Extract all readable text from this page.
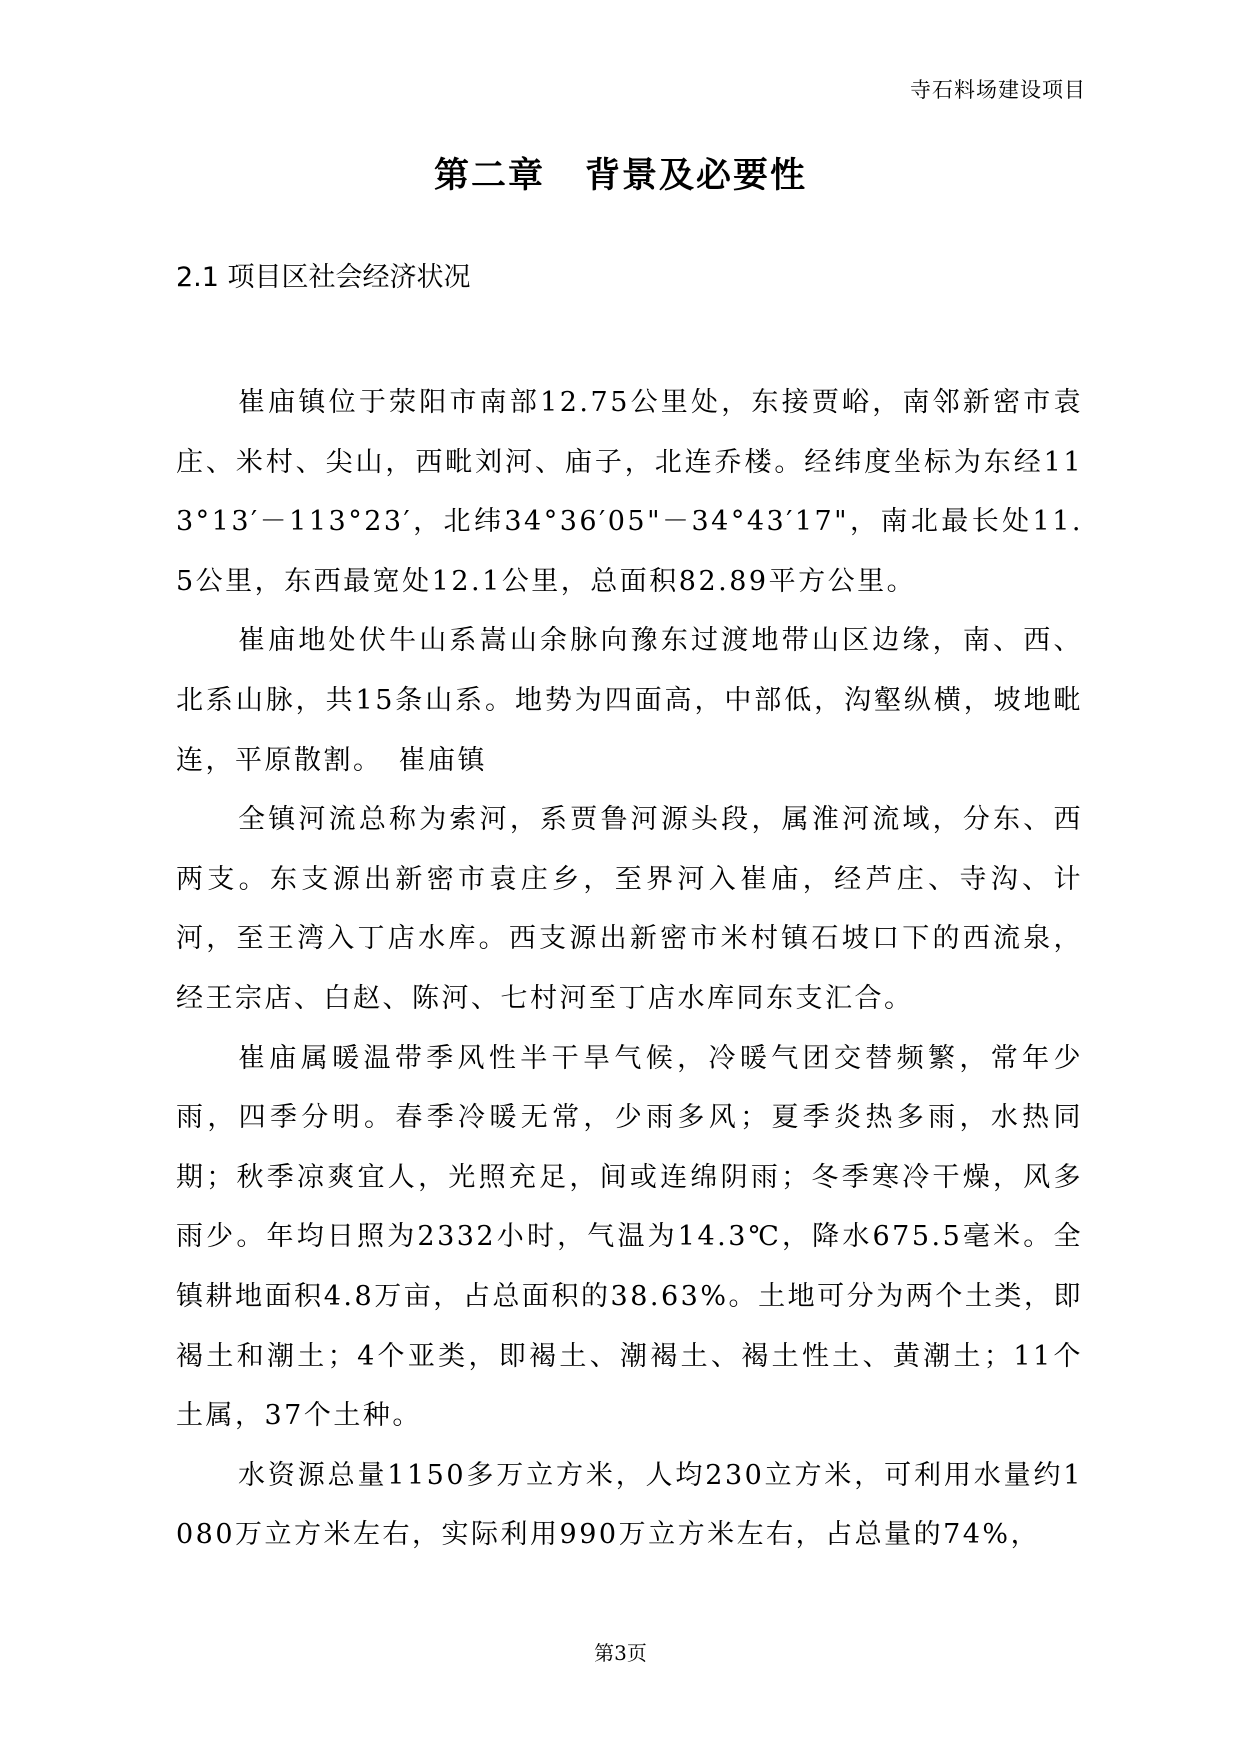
寺石料场建设项目
第二章 背景及必要性
2.1 项目区社会经济状况

崔庙镇位于荥阳市南部12.75公里处，东接贾峪，南邻新密市袁庄、米村、尖山，西毗刘河、庙子，北连乔楼。经纬度坐标为东经113°13′－113°23′，北纬34°36′05"－34°43′17"，南北最长处11.5公里，东西最宽处12.1公里，总面积82.89平方公里。

崔庙地处伏牛山系嵩山余脉向豫东过渡地带山区边缘，南、西、北系山脉，共15条山系。地势为四面高，中部低，沟壑纵横，坡地毗连，平原散割。　崔庙镇

全镇河流总称为索河，系贾鲁河源头段，属淮河流域，分东、西两支。东支源出新密市袁庄乡，至界河入崔庙，经芦庄、寺沟、计河，至王湾入丁店水库。西支源出新密市米村镇石坡口下的西流泉，经王宗店、白赵、陈河、七村河至丁店水库同东支汇合。

崔庙属暖温带季风性半干旱气候，冷暖气团交替频繁，常年少雨，四季分明。春季冷暖无常，少雨多风；夏季炎热多雨，水热同期；秋季凉爽宜人，光照充足，间或连绵阴雨；冬季寒冷干燥，风多雨少。年均日照为2332小时，气温为14.3℃，降水675.5毫米。全镇耕地面积4.8万亩，占总面积的38.63%。土地可分为两个土类，即褐土和潮土；4个亚类，即褐土、潮褐土、褐土性土、黄潮土；11个土属，37个土种。

水资源总量1150多万立方米，人均230立方米，可利用水量约1080万立方米左右，实际利用990万立方米左右，占总量的74%，

第3页
